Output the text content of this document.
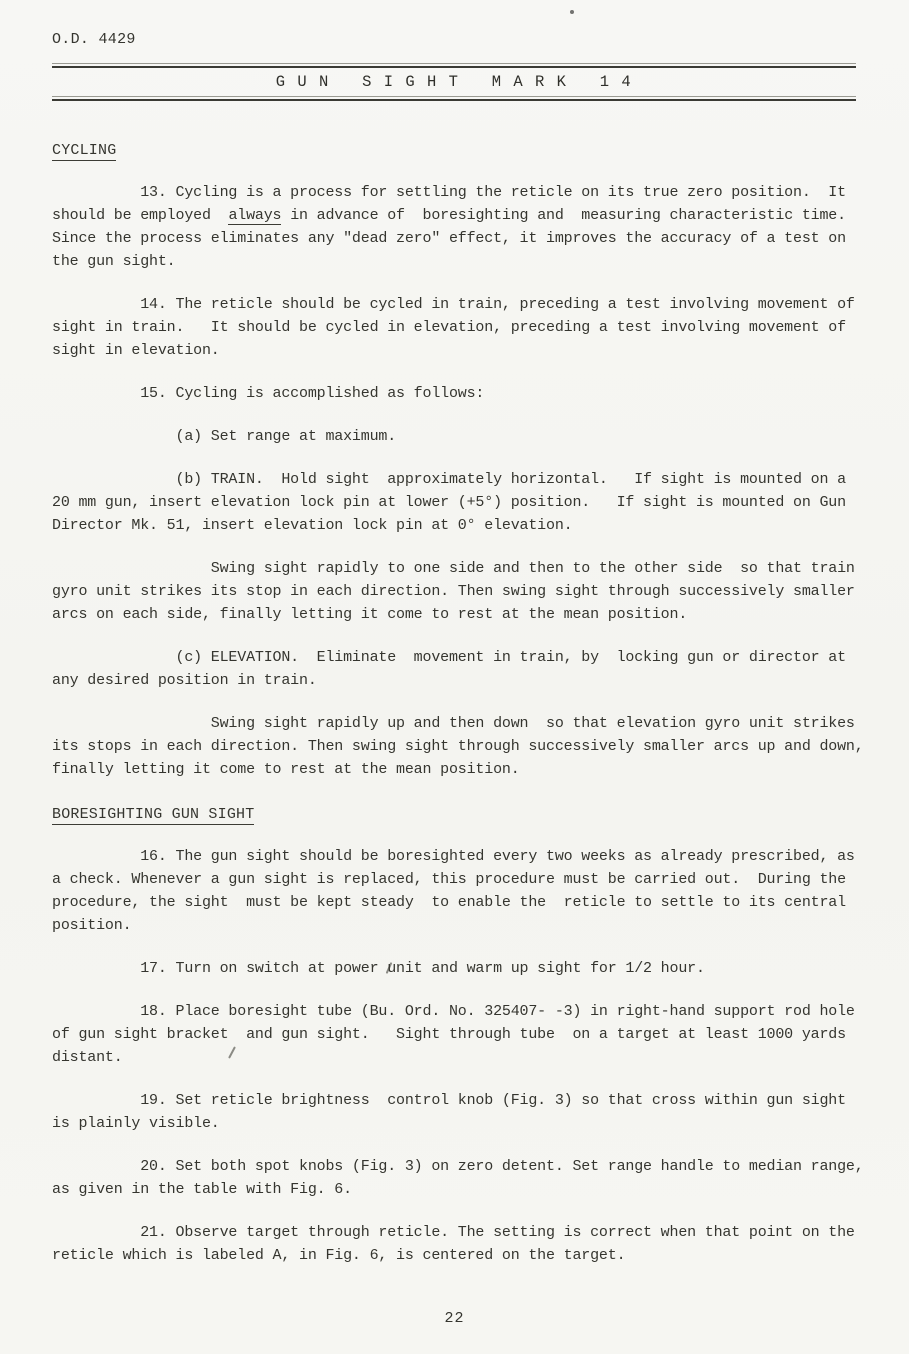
O.D. 4429
G U N   S I G H T   M A R K   1 4
CYCLING
13. Cycling is a process for settling the reticle on its true zero position.  It
should be employed  always in advance of  boresighting and  measuring characteristic time.
Since the process eliminates any "dead zero" effect, it improves the accuracy of a test on
the gun sight.
14. The reticle should be cycled in train, preceding a test involving movement of
sight in train.   It should be cycled in elevation, preceding a test involving movement of
sight in elevation.
15. Cycling is accomplished as follows:
(a) Set range at maximum.
(b) TRAIN.  Hold sight  approximately horizontal.   If sight is mounted on a
20 mm gun, insert elevation lock pin at lower (+5°) position.   If sight is mounted on Gun
Director Mk. 51, insert elevation lock pin at 0° elevation.
Swing sight rapidly to one side and then to the other side  so that train
gyro unit strikes its stop in each direction. Then swing sight through successively smaller
arcs on each side, finally letting it come to rest at the mean position.
(c) ELEVATION.  Eliminate  movement in train, by  locking gun or director at
any desired position in train.
Swing sight rapidly up and then down  so that elevation gyro unit strikes
its stops in each direction. Then swing sight through successively smaller arcs up and down,
finally letting it come to rest at the mean position.
BORESIGHTING GUN SIGHT
16. The gun sight should be boresighted every two weeks as already prescribed, as
a check. Whenever a gun sight is replaced, this procedure must be carried out.  During the
procedure, the sight  must be kept steady  to enable the  reticle to settle to its central
position.
17. Turn on switch at power unit and warm up sight for 1/2 hour.
18. Place boresight tube (Bu. Ord. No. 325407- -3) in right-hand support rod hole
of gun sight bracket  and gun sight.   Sight through tube  on a target at least 1000 yards
distant.
19. Set reticle brightness  control knob (Fig. 3) so that cross within gun sight
is plainly visible.
20. Set both spot knobs (Fig. 3) on zero detent. Set range handle to median range,
as given in the table with Fig. 6.
21. Observe target through reticle. The setting is correct when that point on the
reticle which is labeled A, in Fig. 6, is centered on the target.
22
